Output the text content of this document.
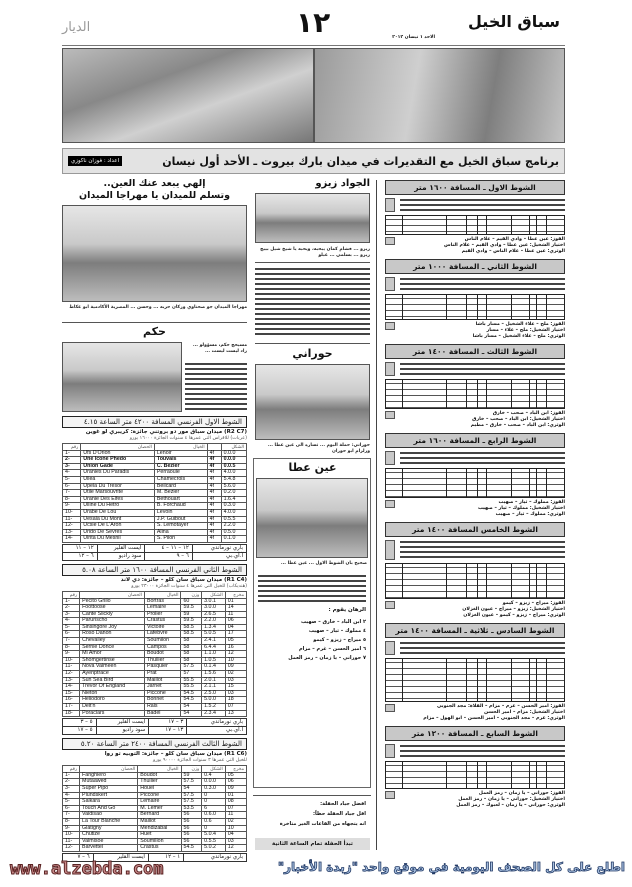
سباق الخيل
الاحد ١ نيسان ٢٠١٢
١٢
الديار
برنامج سباق الخيل مع التقديرات في ميدان بارك بيروت ـ الأحد أول نيسان
اعداد : فوزان ناكوزي
الشوط الاول ـ المسافة ١٦٠٠ متر
الفوز: عين عطا – وادي القيم – علام الناس
اختيار الشخيل: عين عطا – وادي القيم – علام الناس
الوثري: عين عطا – علام الناس – وادي القيم
الشوط الثاني ـ المسافة ١٠٠٠ متر
الفوز: ملح – علاء الشخيل – مسار باشا
اختيار الشخيل: ملح – علاء – مسار
الوثري: ملح – علاء الشخيل – مسار باشا
الشوط الثالث ـ المسافة ١٤٠٠ متر
الفوز: ابن الباد – صحب – خارق
اختيار الشخيل: ابن الباد – صحب – خارق
الوثري: ابن الباد – صحب – خارق – مطيم
الشوط الرابع ـ المسافة ١٦٠٠ متر
الفوز: مملوك – ثيار – صهيب
اختيار الشخيل: مملوك – ثيار – صهيب
الوثري: مملوك – ثيار – صهيب
الشوط الخامس المسافة ١٤٠٠ متر
الفوز: ميراج – زيزو – كيمو
اختيار الشخيل: زيزو – ميراج – عيون الغزلان
الوثري: ميراج – زيزو – كيمو – عيون الغزلان
الشوط السادس ـ ثلاثية ـ المسافة ١٤٠٠ متر
الفوز: امير الحسن – غرم – مزام – الفلاة: مجد الجنوبي
اختيار الشخيل: مزام – امير الحسن
الوثري: غرم – مجد الجنوبي – امير الحسن – ابو الهول – مزام
الشوط السابع ـ المسافة ١٢٠٠ متر
الفوز: حوراني – يا زمان – رمز العمل
اختيار الشخيل: حوراني – يا زمان – رمز العمل
الوثري: حوراني – يا زمان – لعبوك – رمز العمل
الجواد زيزو
زيزو ... فشام كمان يبحبه، ويحبه يا شيخ شيل بيبج زيزو ... بسلمي ... عبلو
حوراني
حوراني: حملة البوم ... تساره الى عين عطا ... وزلزام ابو حوران
عين عطا
صحيح بان الشوط الاول ... عين عطا ...
الرهان يقوم :
٢ ابن الباد – خارق – صهيب
٤ مملوك – ثيار – صهيب
٥ ميراج – زيزو – كيمو
٦ امير الحسن – غرم – مزام
٧ حوراني – يا زمان – رمز العمل
افضل جياد الحفلة:
اقل جياد الحفلة حظاً:
انه يتجهاه من القاعات الغير متاخرة
تبدأ الحفلة تمام الساعة الثانية
إلهي يبعد عنك العين..
وتسلم للميدان يا مهراجا الميدان
مهراجا الميدان جو صحناوي وزكان حربه ... وحسن ... المصرية الأكادمية ابو عكاظ
حكم
مسيحج حكم، مسؤولو ... زاد ليست ليست ...
الشوط الاول الفرنسي المسافة ٤٢٠٠ متر الساعة ٤.١٥
(R2 C7) ميدان سباق مور دو بروتني جائزة: كريبري لو غوين
(عربات) للافراس التي عمرها ٤ سنوات الجائزة ١٦٠٠٠ يورو
رقم	الحصان	الخيال		الشكل
1-	Ufs D'Orion	Lenoir	4f	0.0.0
2-	Une Icone Phedo	Touvais	4f	0.0.0
3-	Union Gade	C. Bezier	4f	0.0.5
4-	Uranies Du Paradis	Perraoule	4f	4.0.0
5-	Ullea	Chamecrols	4f	5.4.8
6-	Upela Du Tresor	Beilcard	4f	5.6.0
7-	Utile Marsouvrite	M. Bezier	4f	0.2.0
8-	Uranie Des Elfes	Bethouart	4f	1.6.4
9-	Ulline Du Hetro	B. Forchaud	4f	0.3.0
10-	Urabe De Lou	Levoin	4f	4.0.0
11-	Uesala Du Mont	J.P. Guibout	4f	0.5.5
12-	Ucsie De L'Aron	S. Lemotayer	4f	2.2.0
13-	Urido De Sevres	Alina	4f	0.5.0
14-	Ulrita Du Mesnil	S. Pilon	4f	0.1.0
باري نورماندي	١٢ – ١١ – ٤	ايست القلير	١٢ – ١١
آ.آي.بي	٦ – ٩	سود راديو	٦ – ١٢
الشوط الثاني الفرنسي المسافة ١٦٠٠ متر الساعة ٥.٠٨
(R1 C4) ميدان سباق سان كلو – جائزة: دي لاند
(هنديكاب) للخيل التي عمرها ٤ سنوات الجائزة ٢٣٠٠٠ يورو
رقم	الحصان	الخيال	وزن	الشكل	مخرج
1-	Pecito Grillo	Bortras	60	3.0.1	01
2-	Foottoose	Lemaire	59.5	3.0.0	14
3-	Cante Slickly	Prolier	59	2.6.5	11
4-	Parurischo	Crastus	59.5	2.2.0	06
5-	Sinsingore Joy	Victoire	58.5	1.3.4	04
6-	Roso Danon	Lafebvre	58.5	5.0.5	17
7-	Chevalley	Soumilon	58	2.4.1	05
8-	Sernie Donce	Campos	58	6.4.4	16
9-	Mi Amor	Boudot	58	1.1.0	12
10-	Shomgertinse	Thullier	58	1.0.5	10
11-	Nova Valmeen	Pasquier	57.5	0.1.4	09
12-	Ayenptrace	Prat	57	1.5.6	02
13-	Sun Sea Bird	Maillot	55.5	2.0.1	03
14-	Trevor Of England	Jarnet	55.5	2.1.1	15
15-	Nieton	Piccone	54.5	2.5.0	03
16-	Heliodoro	Bonnet	54.5	5.0.0	18
17-	Delt'n	Rals	54	1.5.2	07
18-	Poraclars	Badel	54	2.3.4	13
باري نورماندي	٣ – ١٧	ايست القلير	٥ – ٣
آ.آي.بي	١٣ – ١٧	سود راديو	٥ – ١٧
الشوط الثالث الفرنسي المسافة ٢٤٠٠ متر الساعة ٥.٢٠
(R1 C6) ميدان سباق سان كلو – جائزة: التوبيه تو روا
للخيل التي عمرها ٣ سنوات الجائزة ٩٠٠٠٠ يورو
رقم	الحصان	الخيال	وزن	الشكل	مخرج
1-	Fanghiero	Boudot	59	0.4	05
2-	Mutaawed	Thullier	57.5	0.0.0	06
3-	Super Pipo	Houel	54	0.3.0	09
4-	Plundskert	Piccone	57.5	0	01
5-	Salkara	Lemaire	57.5	0	08
6-	Touch And Go	M. Lemer	53.5	6	07
7-	Valdisao	Bernard	56	0.6.0	11
8-	La Tour Blanche	Maillot	56	0.6	02
9-	Glatigny	Mendizabal	56	0	10
10-	Chutize	Huet	56	5.0.4	04
11-	Valmisoe	Soumillon	56	0.5.5	03
12-	Barvettel	Crastus	54.5	5.0.2	12
باري نورماندي	١ – ١٢	ايست القلير	٦ – ٧
www.alzebda.com	اطلع على كل الصحف اليومية في موقع واحد "زبدة الأخبار"
